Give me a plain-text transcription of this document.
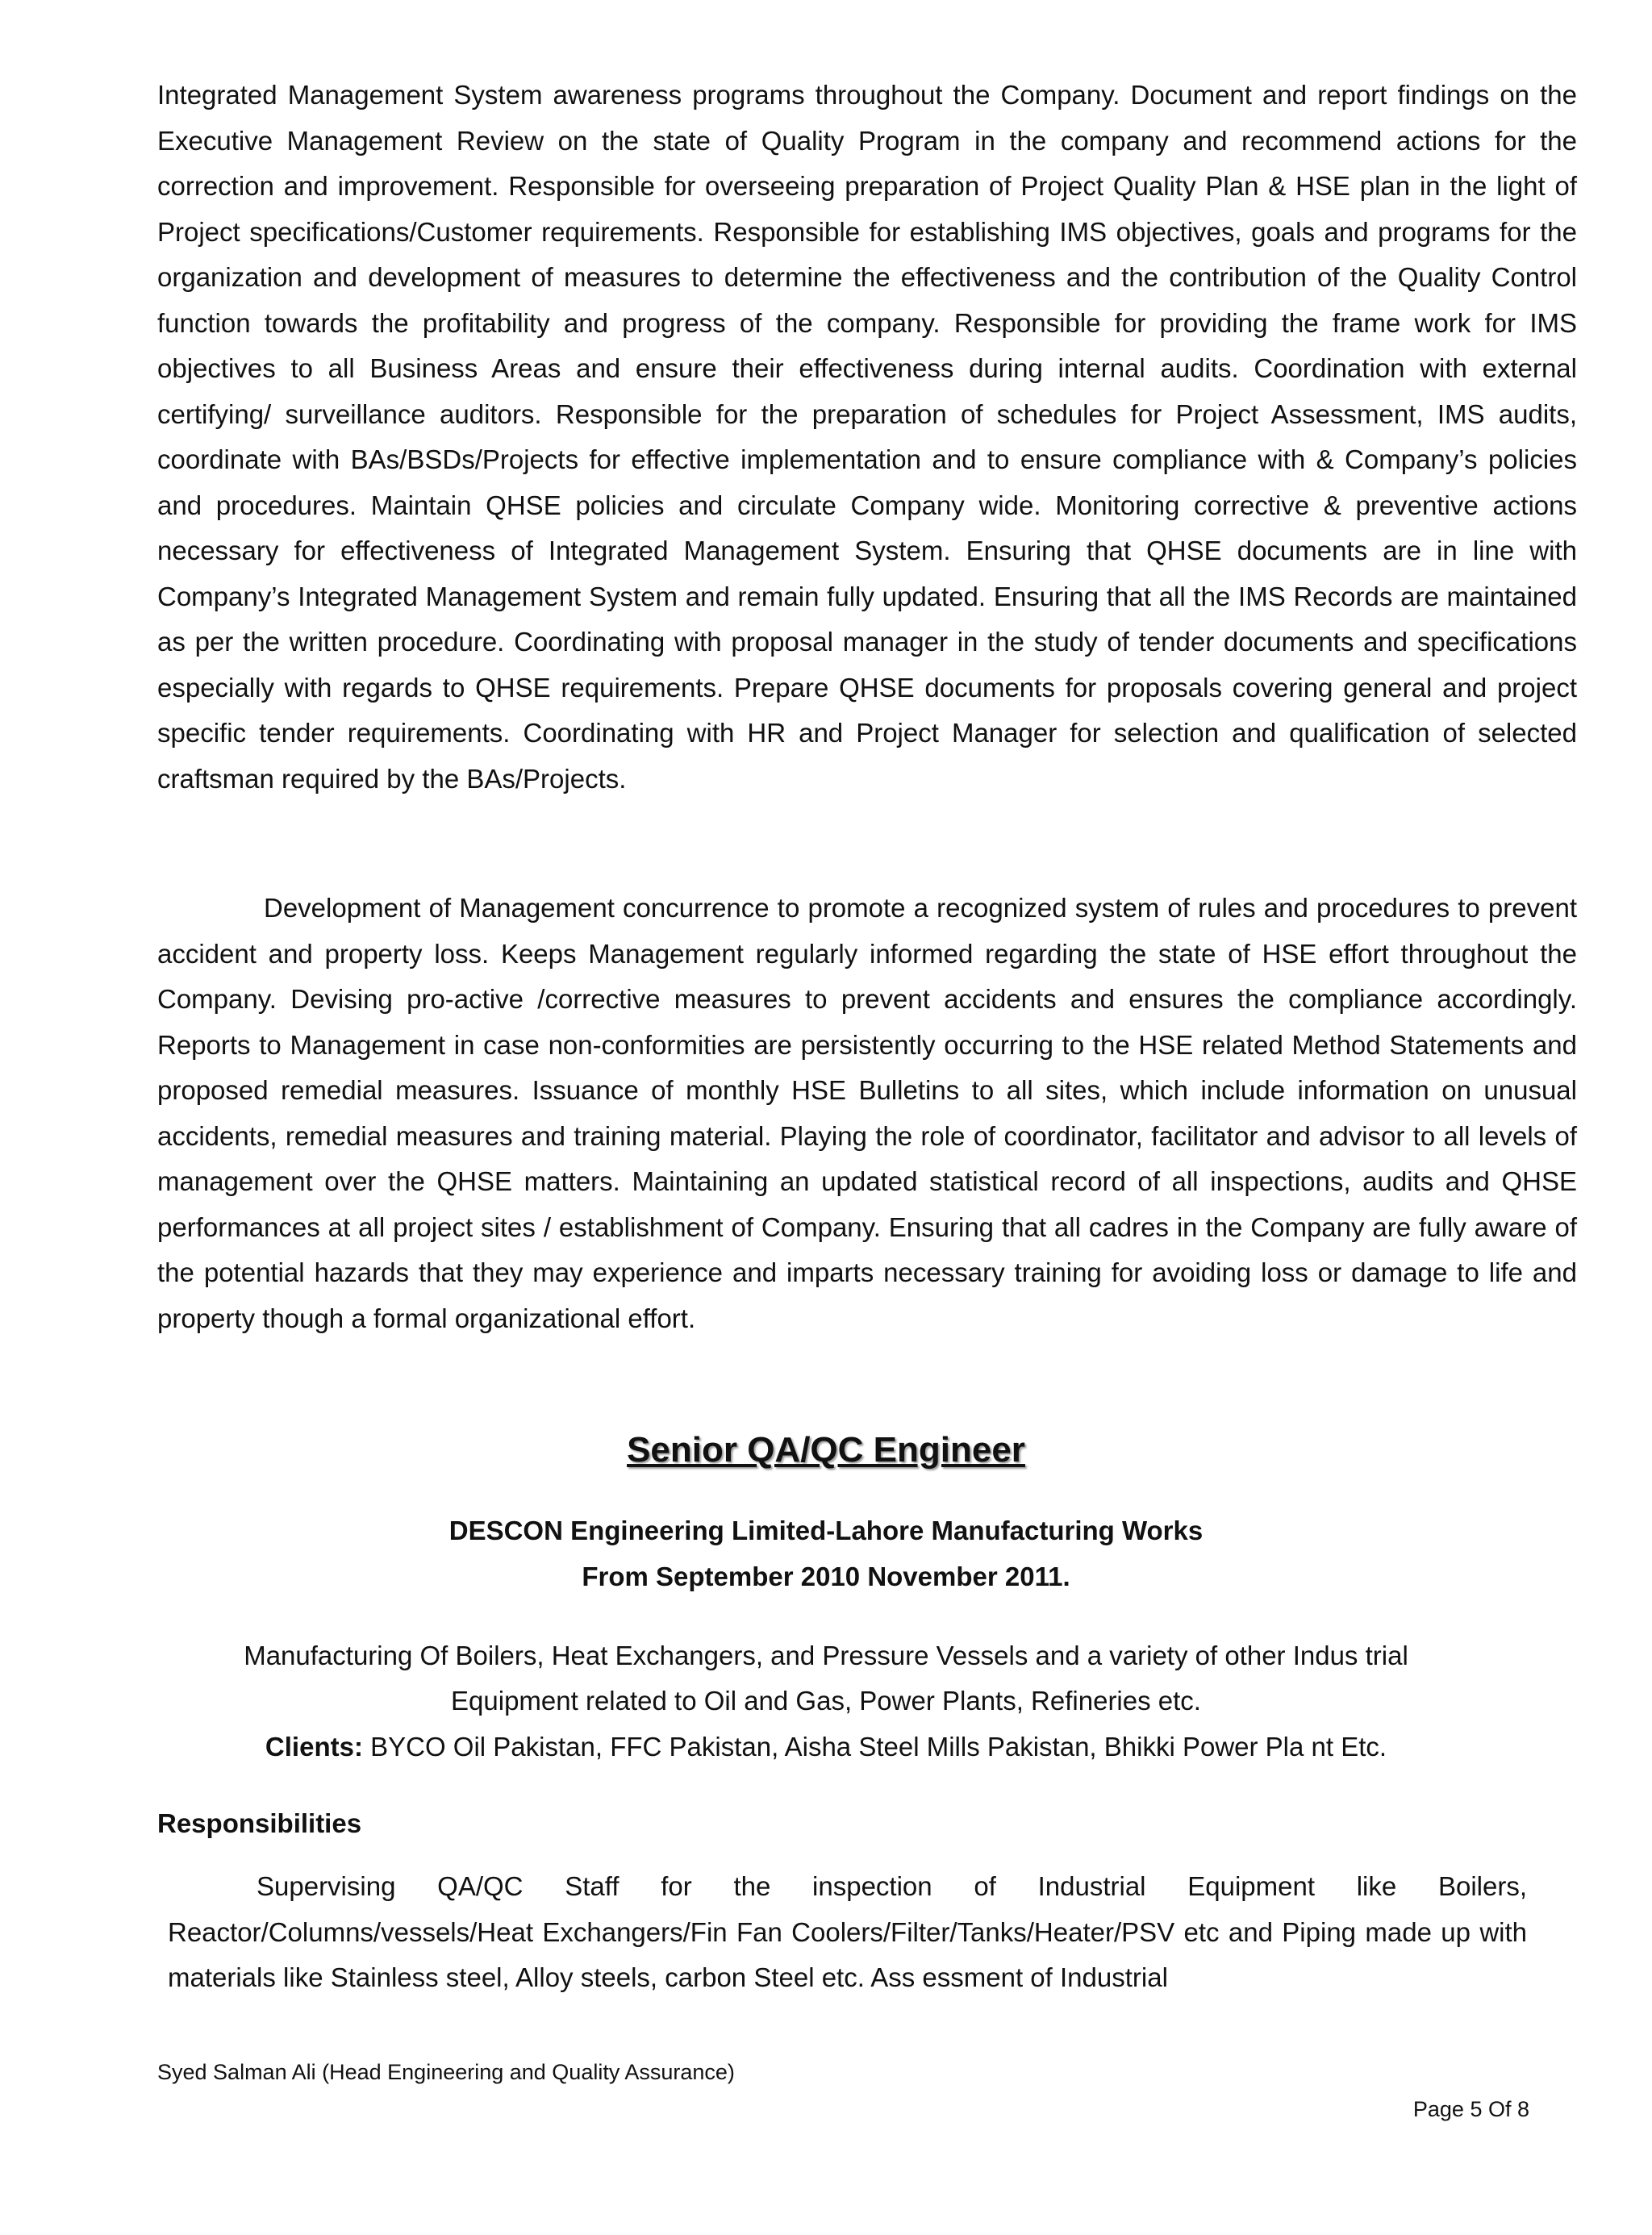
Integrated Management System awareness programs throughout the Company. Document and report findings on the Executive Management Review on the state of Quality Program in the company and recommend actions for the correction and improvement. Responsible for overseeing preparation of Project Quality Plan & HSE plan in the light of Project specifications/Customer requirements. Responsible for establishing IMS objectives, goals and programs for the organization and development of measures to determine the effectiveness and the contribution of the Quality Control function towards the profitability and progress of the company. Responsible for providing the frame work for IMS objectives to all Business Areas and ensure their effectiveness during internal audits. Coordination with external certifying/ surveillance auditors. Responsible for the preparation of schedules for Project Assessment, IMS audits, coordinate with BAs/BSDs/Projects for effective implementation and to ensure compliance with & Company’s policies and procedures. Maintain QHSE policies and circulate Company wide. Monitoring corrective & preventive actions necessary for effectiveness of Integrated Management System. Ensuring that QHSE documents are in line with Company’s Integrated Management System and remain fully updated. Ensuring that all the IMS Records are maintained as per the written procedure. Coordinating with proposal manager in the study of tender documents and specifications especially with regards to QHSE requirements. Prepare QHSE documents for proposals covering general and project specific tender requirements. Coordinating with HR and Project Manager for selection and qualification of selected craftsman required by the BAs/Projects.

Development of Management concurrence to promote a recognized system of rules and procedures to prevent accident and property loss. Keeps Management regularly informed regarding the state of HSE effort throughout the Company. Devising pro-active /corrective measures to prevent accidents and ensures the compliance accordingly. Reports to Management in case non-conformities are persistently occurring to the HSE related Method Statements and proposed remedial measures. Issuance of monthly HSE Bulletins to all sites, which include information on unusual accidents, remedial measures and training material. Playing the role of coordinator, facilitator and advisor to all levels of management over the QHSE matters. Maintaining an updated statistical record of all inspections, audits and QHSE performances at all project sites / establishment of Company. Ensuring that all cadres in the Company are fully aware of the potential hazards that they may experience and imparts necessary training for avoiding loss or damage to life and property though a formal organizational effort.

Senior QA/QC Engineer

DESCON Engineering Limited-Lahore Manufacturing Works

From September 2010 November 2011.

Manufacturing Of Boilers, Heat Exchangers, and Pressure Vessels and a variety of other Indus trial

Equipment related to Oil and Gas, Power Plants, Refineries etc.

Clients: BYCO Oil Pakistan, FFC Pakistan, Aisha Steel Mills Pakistan, Bhikki Power Pla nt Etc.

Responsibilities

Supervising QA/QC Staff for the inspection of Industrial Equipment like Boilers, Reactor/Columns/vessels/Heat Exchangers/Fin Fan Coolers/Filter/Tanks/Heater/PSV etc and Piping made up with materials like Stainless steel, Alloy steels, carbon Steel etc. Ass essment of Industrial

Syed Salman Ali (Head Engineering and Quality Assurance)

Page 5 Of 8
